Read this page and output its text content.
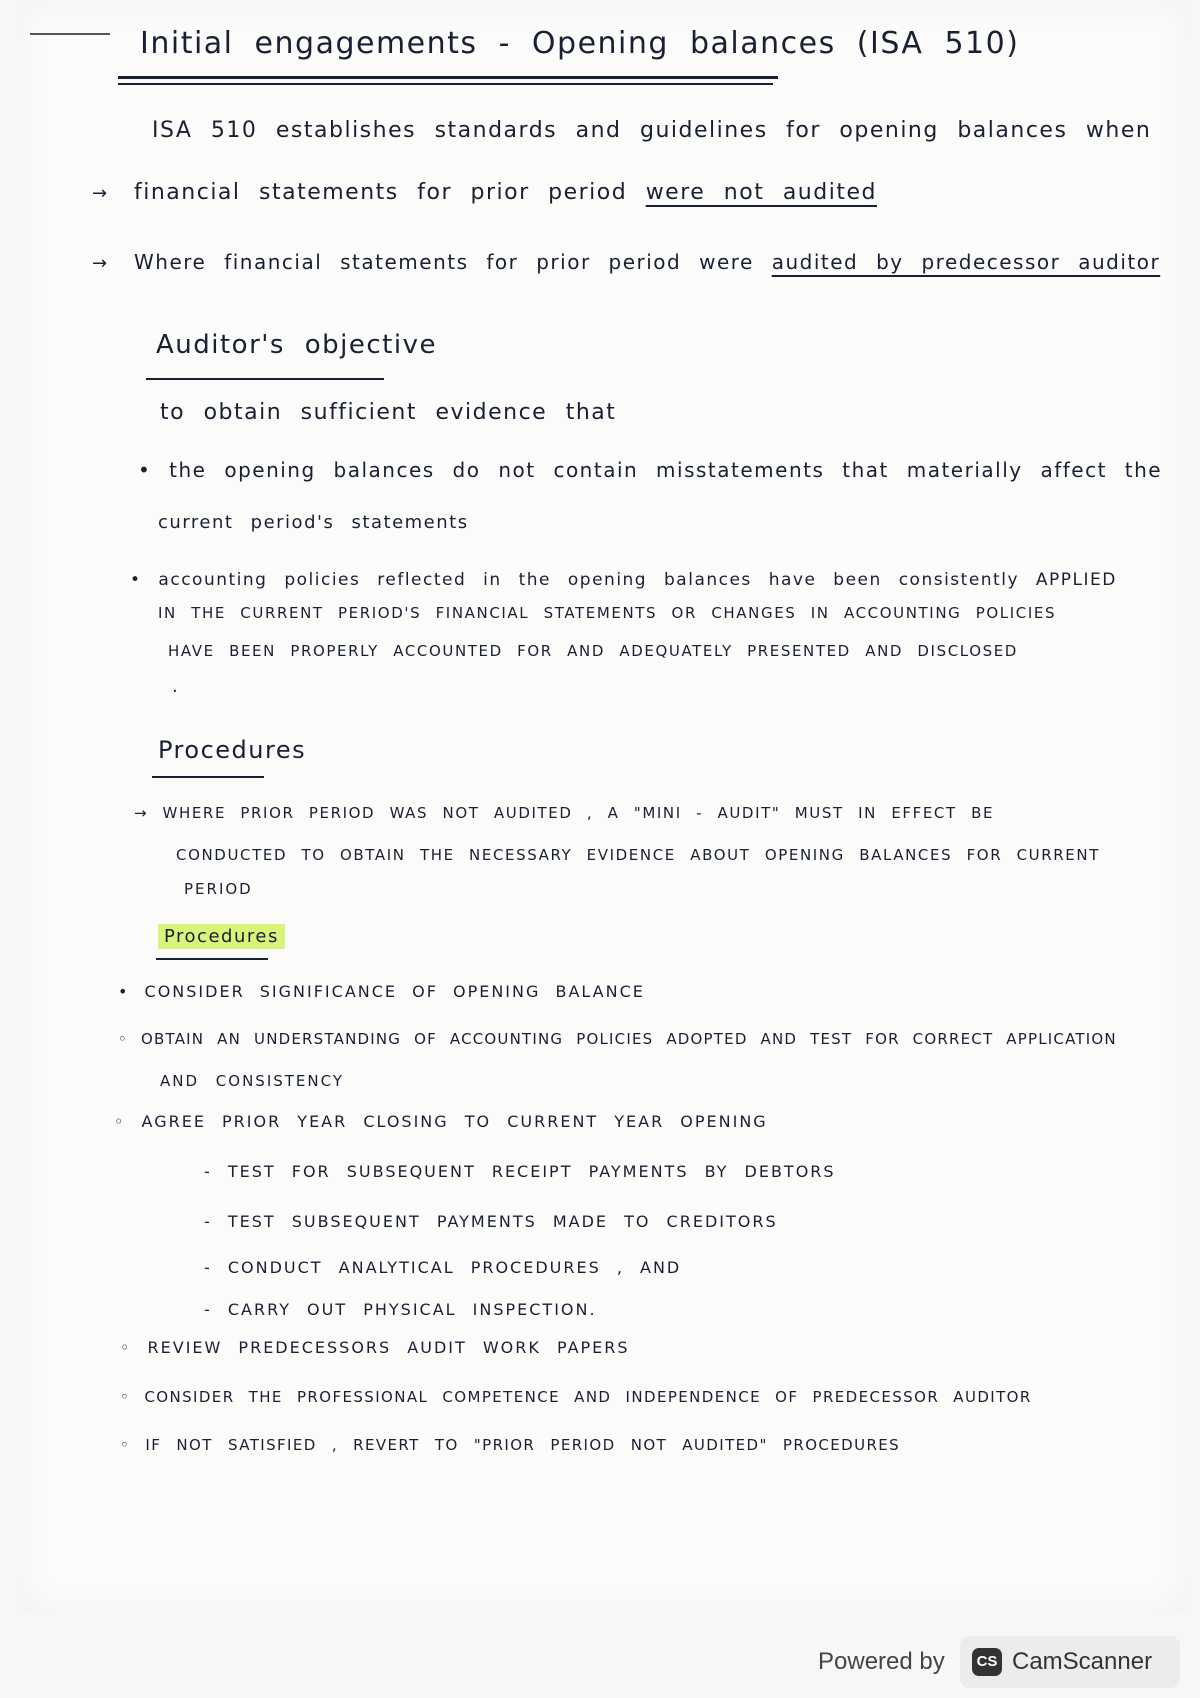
Initial engagements - Opening balances (ISA 510)
ISA 510 establishes standards and guidelines for opening balances when
→ financial statements for prior period were not audited
→ Where financial statements for prior period were audited by predecessor auditor
Auditor's objective
to obtain sufficient evidence that
• the opening balances do not contain misstatements that materially affect the
current period's statements
• accounting policies reflected in the opening balances have been consistently APPLIED
IN THE CURRENT PERIOD'S FINANCIAL STATEMENTS OR CHANGES IN ACCOUNTING POLICIES
HAVE BEEN PROPERLY ACCOUNTED FOR AND ADEQUATELY PRESENTED AND DISCLOSED
.
Procedures
→ WHERE PRIOR PERIOD WAS NOT AUDITED , A "MINI - AUDIT" MUST IN EFFECT BE
CONDUCTED TO OBTAIN THE NECESSARY EVIDENCE ABOUT OPENING BALANCES FOR CURRENT
PERIOD
Procedures
• CONSIDER SIGNIFICANCE OF OPENING BALANCE
◦ OBTAIN AN UNDERSTANDING OF ACCOUNTING POLICIES ADOPTED AND TEST FOR CORRECT APPLICATION
AND CONSISTENCY
◦ AGREE PRIOR YEAR CLOSING TO CURRENT YEAR OPENING
- TEST FOR SUBSEQUENT RECEIPT PAYMENTS BY DEBTORS
- TEST SUBSEQUENT PAYMENTS MADE TO CREDITORS
- CONDUCT ANALYTICAL PROCEDURES , AND
- CARRY OUT PHYSICAL INSPECTION.
◦ REVIEW PREDECESSORS AUDIT WORK PAPERS
◦ CONSIDER THE PROFESSIONAL COMPETENCE AND INDEPENDENCE OF PREDECESSOR AUDITOR
◦ IF NOT SATISFIED , REVERT TO "PRIOR PERIOD NOT AUDITED" PROCEDURES
Powered by	CS CamScanner
